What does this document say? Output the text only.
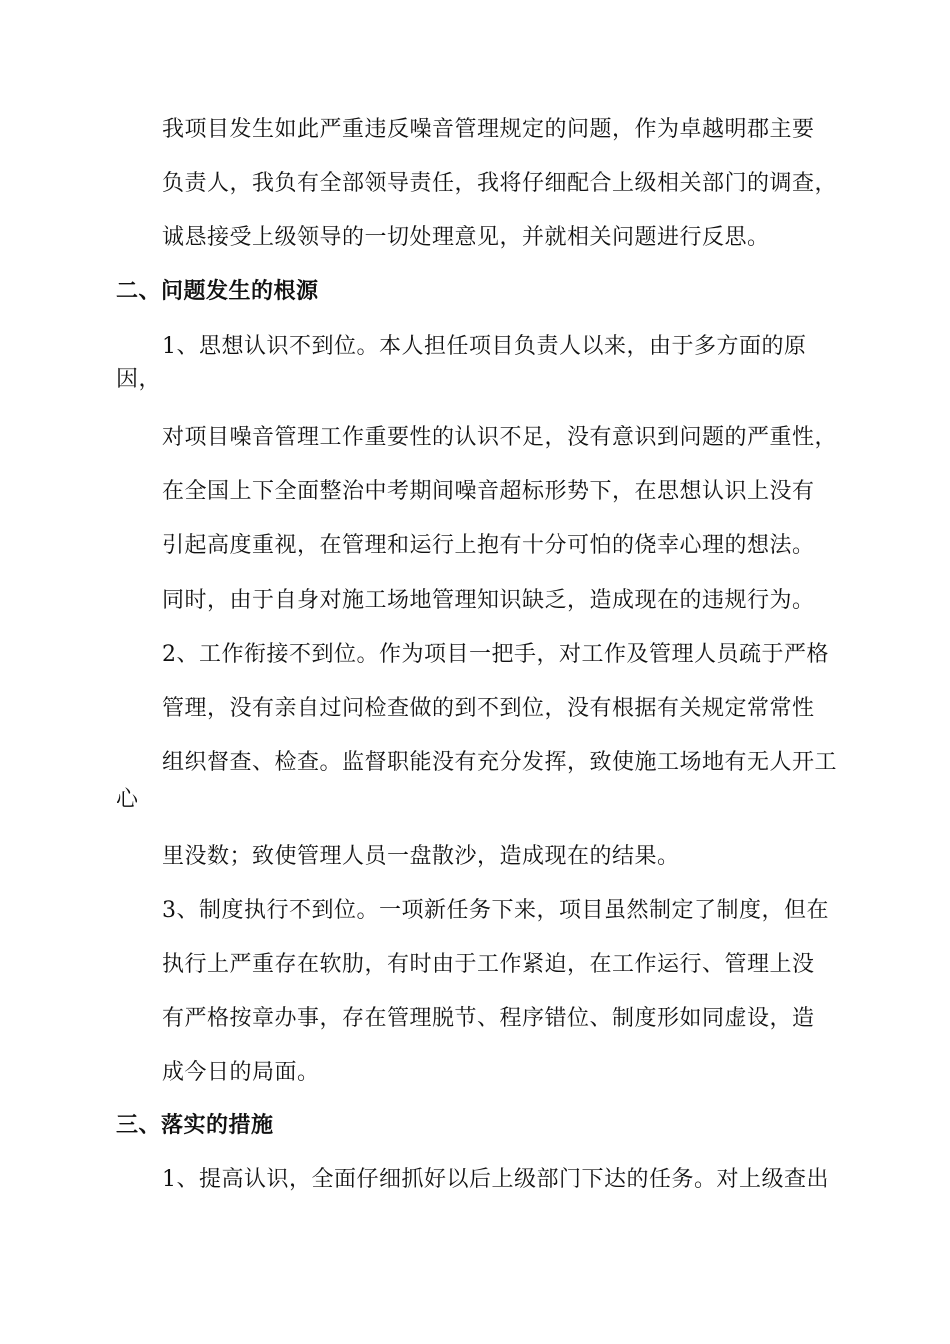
我项目发生如此严重违反噪音管理规定的问题，作为卓越明郡主要
负责人，我负有全部领导责任，我将仔细配合上级相关部门的调查，
诚恳接受上级领导的一切处理意见，并就相关问题进行反思。
二、问题发生的根源
1、思想认识不到位。本人担任项目负责人以来，由于多方面的原
因，
对项目噪音管理工作重要性的认识不足，没有意识到问题的严重性，
在全国上下全面整治中考期间噪音超标形势下，在思想认识上没有
引起高度重视，在管理和运行上抱有十分可怕的侥幸心理的想法。
同时，由于自身对施工场地管理知识缺乏，造成现在的违规行为。
2、工作衔接不到位。作为项目一把手，对工作及管理人员疏于严格
管理，没有亲自过问检查做的到不到位，没有根据有关规定常常性
组织督查、检查。监督职能没有充分发挥，致使施工场地有无人开工
心
里没数；致使管理人员一盘散沙，造成现在的结果。
3、制度执行不到位。一项新任务下来，项目虽然制定了制度，但在
执行上严重存在软肋，有时由于工作紧迫，在工作运行、管理上没
有严格按章办事，存在管理脱节、程序错位、制度形如同虚设，造
成今日的局面。
三、落实的措施
1、提高认识，全面仔细抓好以后上级部门下达的任务。对上级查出
